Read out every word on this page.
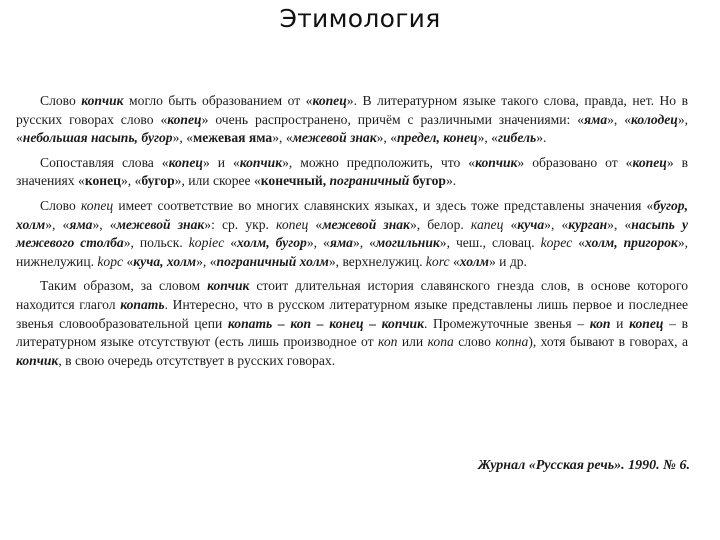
Этимология

Слово копчик могло быть образованием от «копец». В литературном языке такого слова, правда, нет. Но в русских говорах слово «копец» очень распространено, причём с различными значениями: «яма», «колодец», «небольшая насыпь, бугор», «межевая яма», «межевой знак», «предел, конец», «гибель».

Сопоставляя слова «копец» и «копчик», можно предположить, что «копчик» образовано от «копец» в значениях «конец», «бугор», или скорее «конечный, пограничный бугор».

Слово копец имеет соответствие во многих славянских языках, и здесь тоже представлены значения «бугор, холм», «яма», «межевой знак»: ср. укр. копец «межевой знак», белор. капец «куча», «курган», «насыпь у межевого столба», польск. kopiec «холм, бугор», «яма», «могильник», чеш., словац. kopec «холм, пригорок», нижнелужиц. kopc «куча, холм», «пограничный холм», верхнелужиц. korc «холм» и др.

Таким образом, за словом копчик стоит длительная история славянского гнезда слов, в основе которого находится глагол копать. Интересно, что в русском литературном языке представлены лишь первое и последнее звенья словообразовательной цепи копать – коп – конец – копчик. Промежуточные звенья – коп и копец – в литературном языке отсутствуют (есть лишь производное от коп или копа слово копна), хотя бывают в говорах, а копчик, в свою очередь отсутствует в русских говорах.

Журнал «Русская речь». 1990. № 6.
